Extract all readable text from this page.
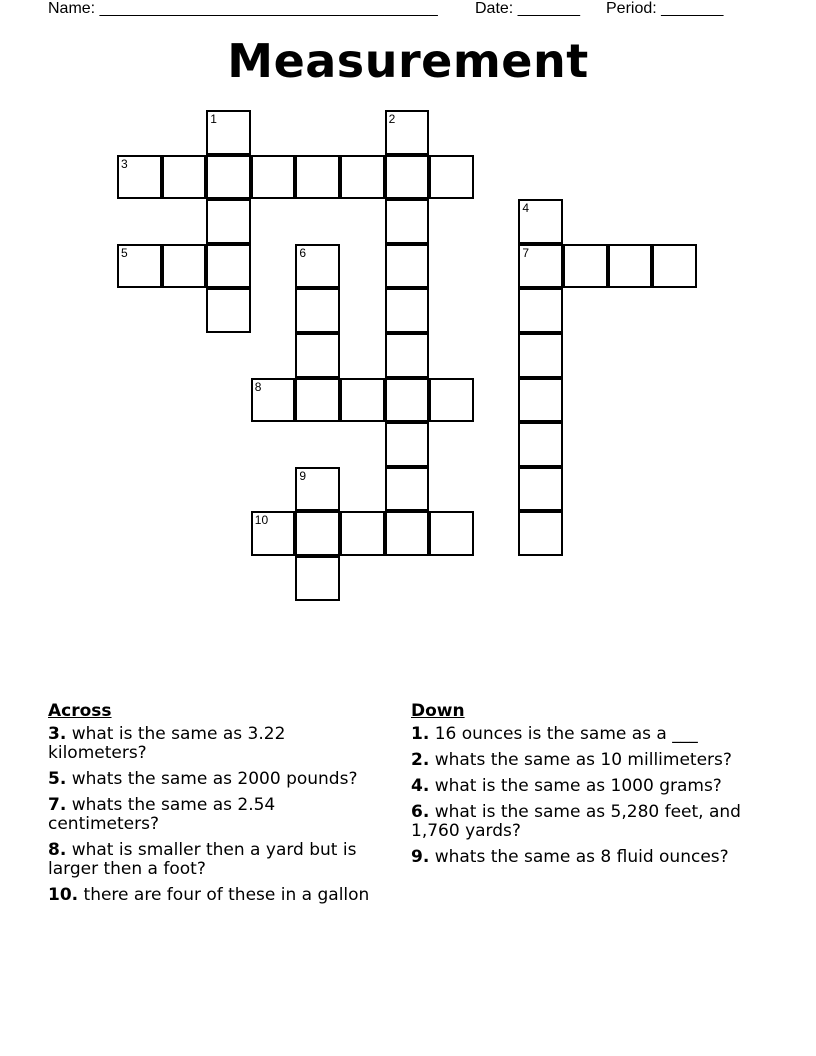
Name: ______________________________________ Date: _______ Period: _______
Measurement
1	2
3
4
5	6	7
8
9
10
Across
3. what is the same as 3.22 kilometers?
5. whats the same as 2000 pounds?
7. whats the same as 2.54 centimeters?
8. what is smaller then a yard but is larger then a foot?
10. there are four of these in a gallon
Down
1. 16 ounces is the same as a ___
2. whats the same as 10 millimeters?
4. what is the same as 1000 grams?
6. what is the same as 5,280 feet, and 1,760 yards?
9. whats the same as 8 fluid ounces?
